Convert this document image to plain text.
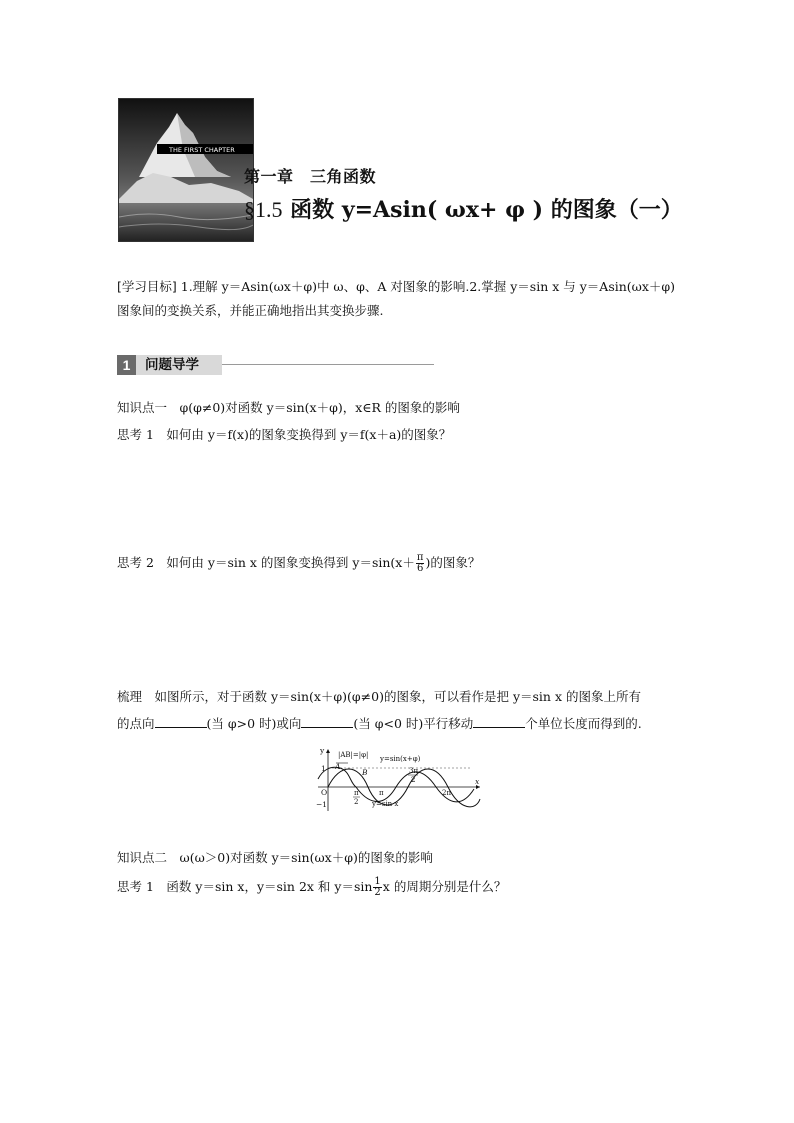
THE FIRST CHAPTER
第一章　三角函数
§1.5 函数 y=Asin( ωx+ φ ) 的图象（一）
[学习目标] 1.理解 y＝Asin(ωx＋φ)中 ω、φ、A 对图象的影响.2.掌握 y＝sin x 与 y＝Asin(ωx＋φ)图象间的变换关系，并能正确地指出其变换步骤.
1	问题导学
知识点一　φ(φ≠0)对函数 y＝sin(x＋φ)，x∈R 的图象的影响
思考 1　如何由 y＝f(x)的图象变换得到 y＝f(x＋a)的图象？
思考 2　如何由 y＝sin x 的图象变换得到 $y=\sin(x+ \frac{\pi}{6}$ )的图象？
梳理　如图所示，对于函数 y＝sin(x＋φ)(φ≠0)的图象，可以看作是把 y＝sin x 的图象上所有
的点向	(当 φ>0 时)或向	(当 φ<0 时)平行移动	个单位长度而得到的.
y
x
O
1
−1
|AB|=|φ| y=sin(x+φ)
A
B
π
2
π
3π
2
2π
y=sin x
知识点二　ω(ω＞0)对函数 y＝sin(ωx＋φ)的图象的影响
思考 1　函数 y＝sin x，y＝sin 2x 和 $y=\sin \frac{1}{2}$ x 的周期分别是什么？
